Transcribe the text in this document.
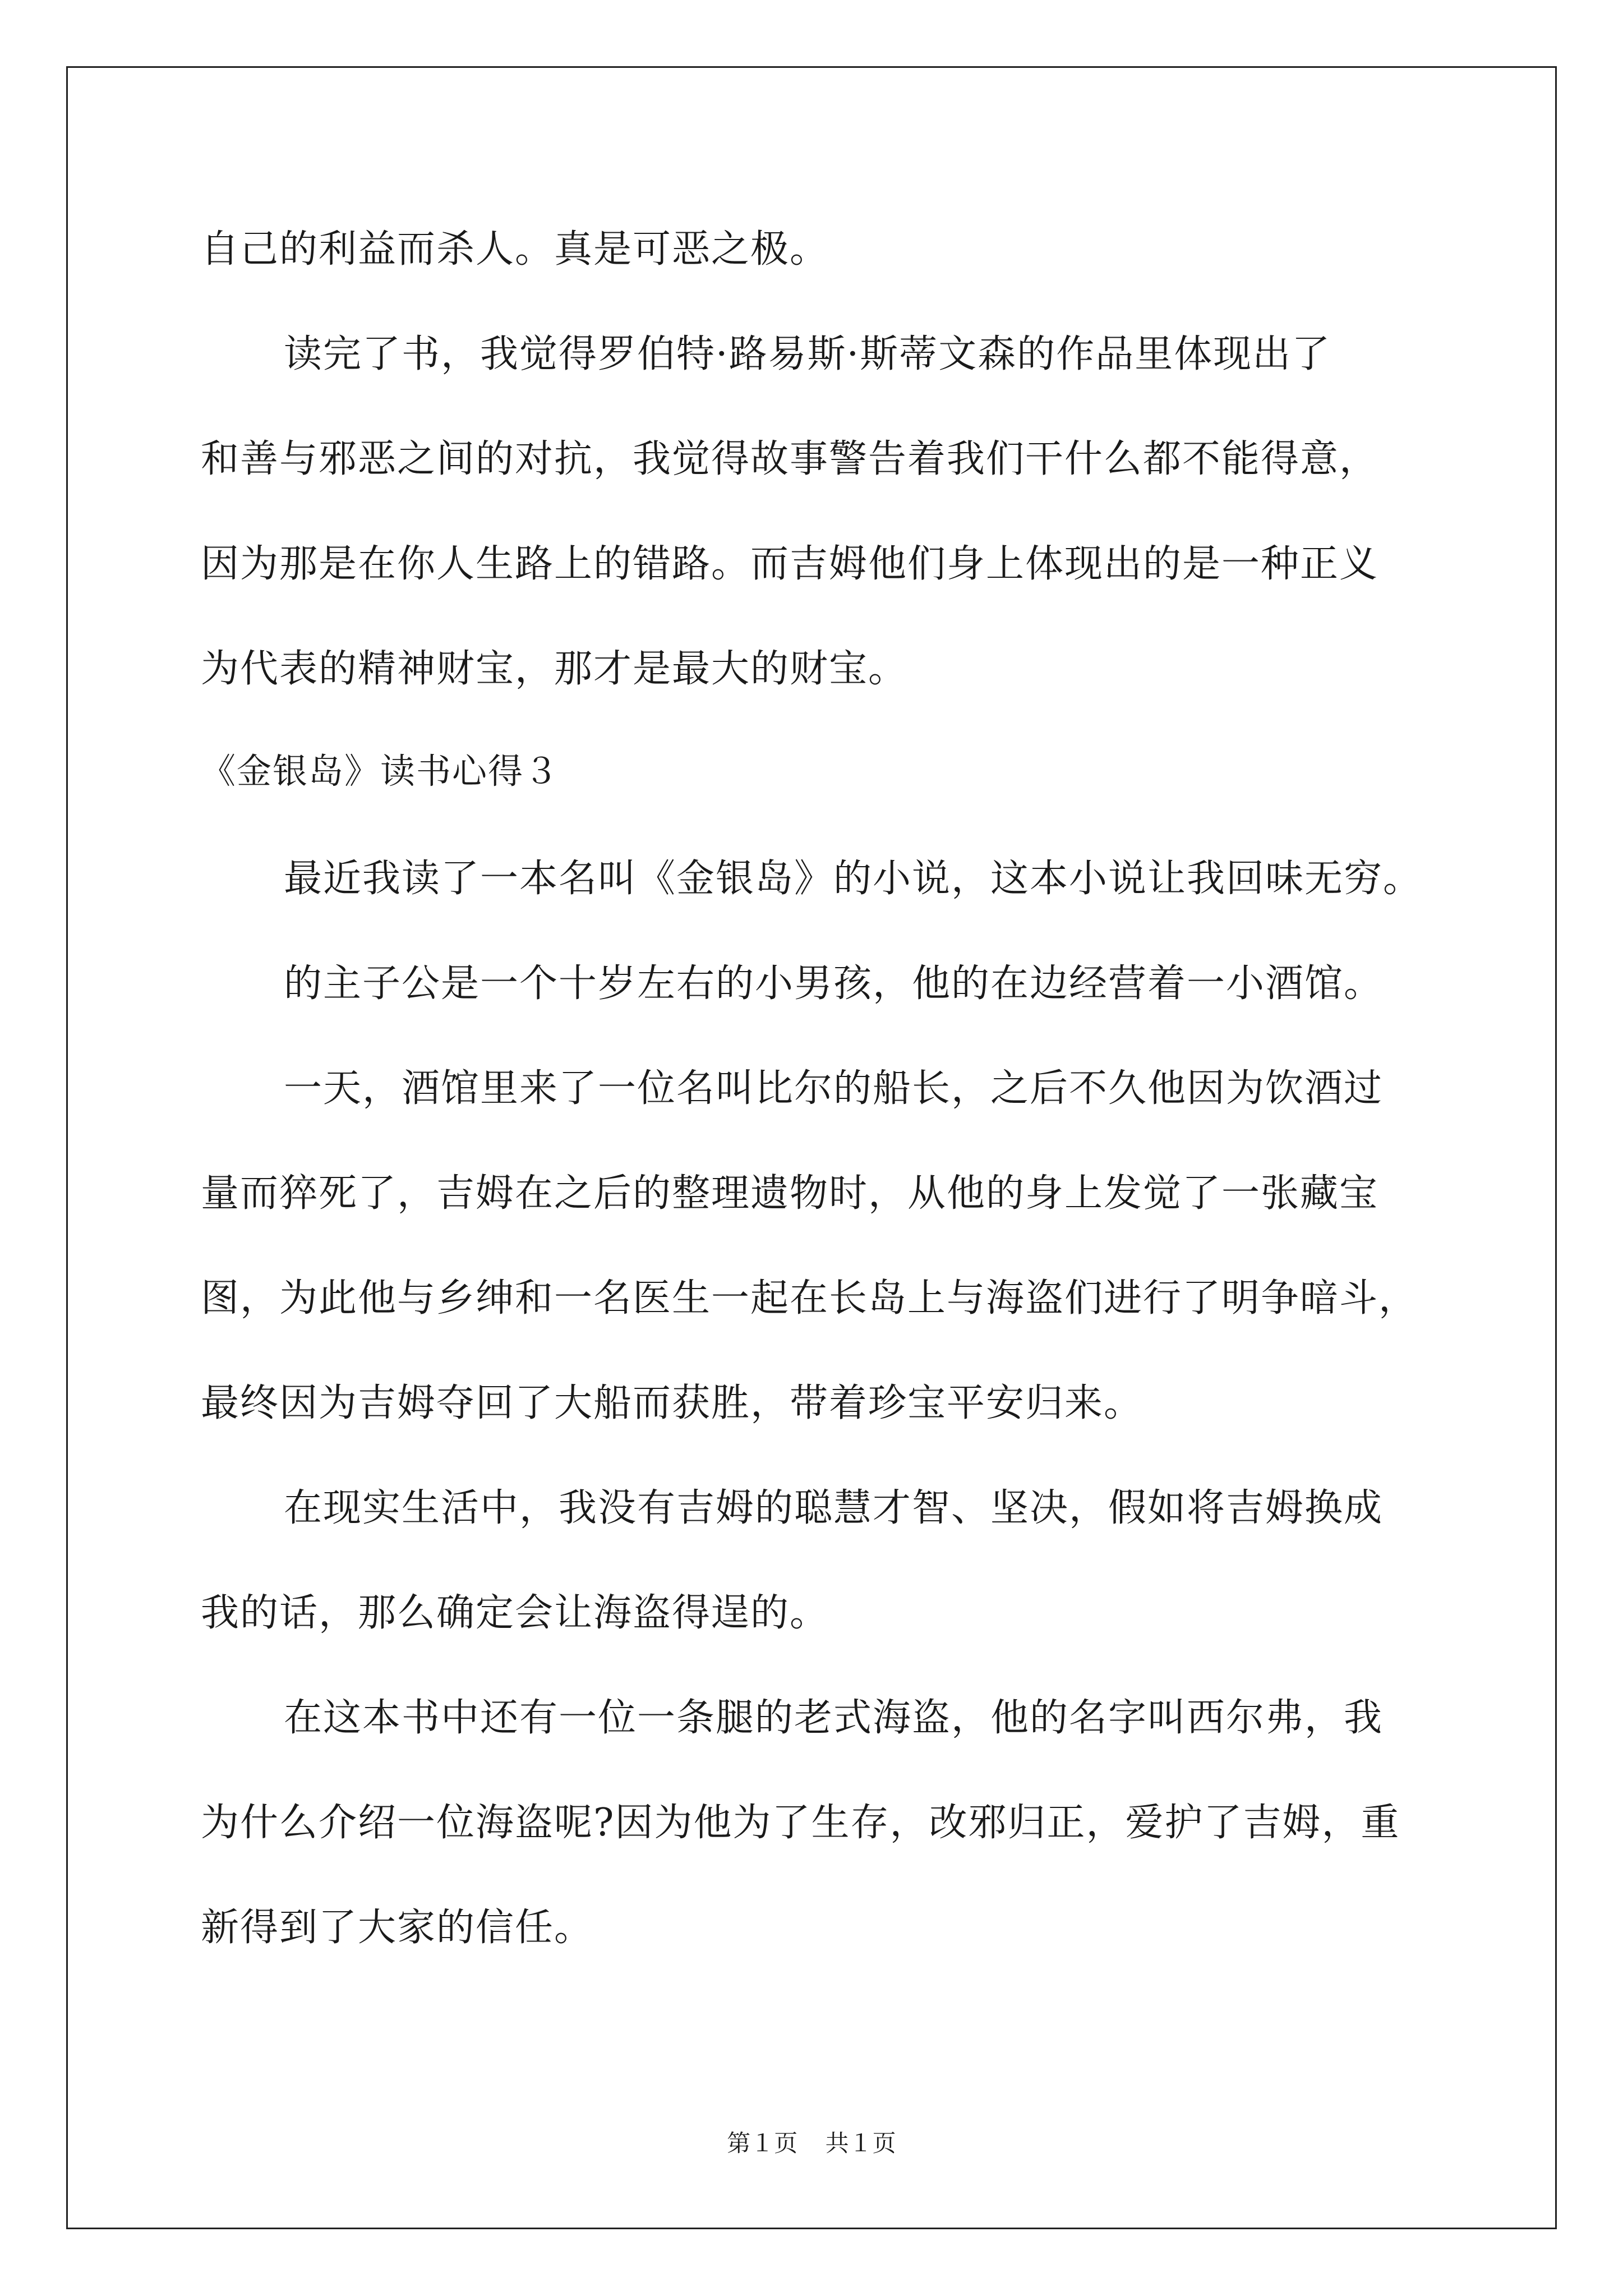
自己的利益而杀人。真是可恶之极。
读完了书，我觉得罗伯特·路易斯·斯蒂文森的作品里体现出了
和善与邪恶之间的对抗，我觉得故事警告着我们干什么都不能得意，
因为那是在你人生路上的错路。而吉姆他们身上体现出的是一种正义
为代表的精神财宝，那才是最大的财宝。
《金银岛》读书心得３
最近我读了一本名叫《金银岛》的小说，这本小说让我回味无穷。
的主子公是一个十岁左右的小男孩，他的在边经营着一小酒馆。
一天，酒馆里来了一位名叫比尔的船长，之后不久他因为饮酒过
量而猝死了，吉姆在之后的整理遗物时，从他的身上发觉了一张藏宝
图，为此他与乡绅和一名医生一起在长岛上与海盗们进行了明争暗斗，
最终因为吉姆夺回了大船而获胜，带着珍宝平安归来。
在现实生活中，我没有吉姆的聪慧才智、坚决，假如将吉姆换成
我的话，那么确定会让海盗得逞的。
在这本书中还有一位一条腿的老式海盗，他的名字叫西尔弗，我
为什么介绍一位海盗呢?因为他为了生存，改邪归正，爱护了吉姆，重
新得到了大家的信任。
第１页 共１页
